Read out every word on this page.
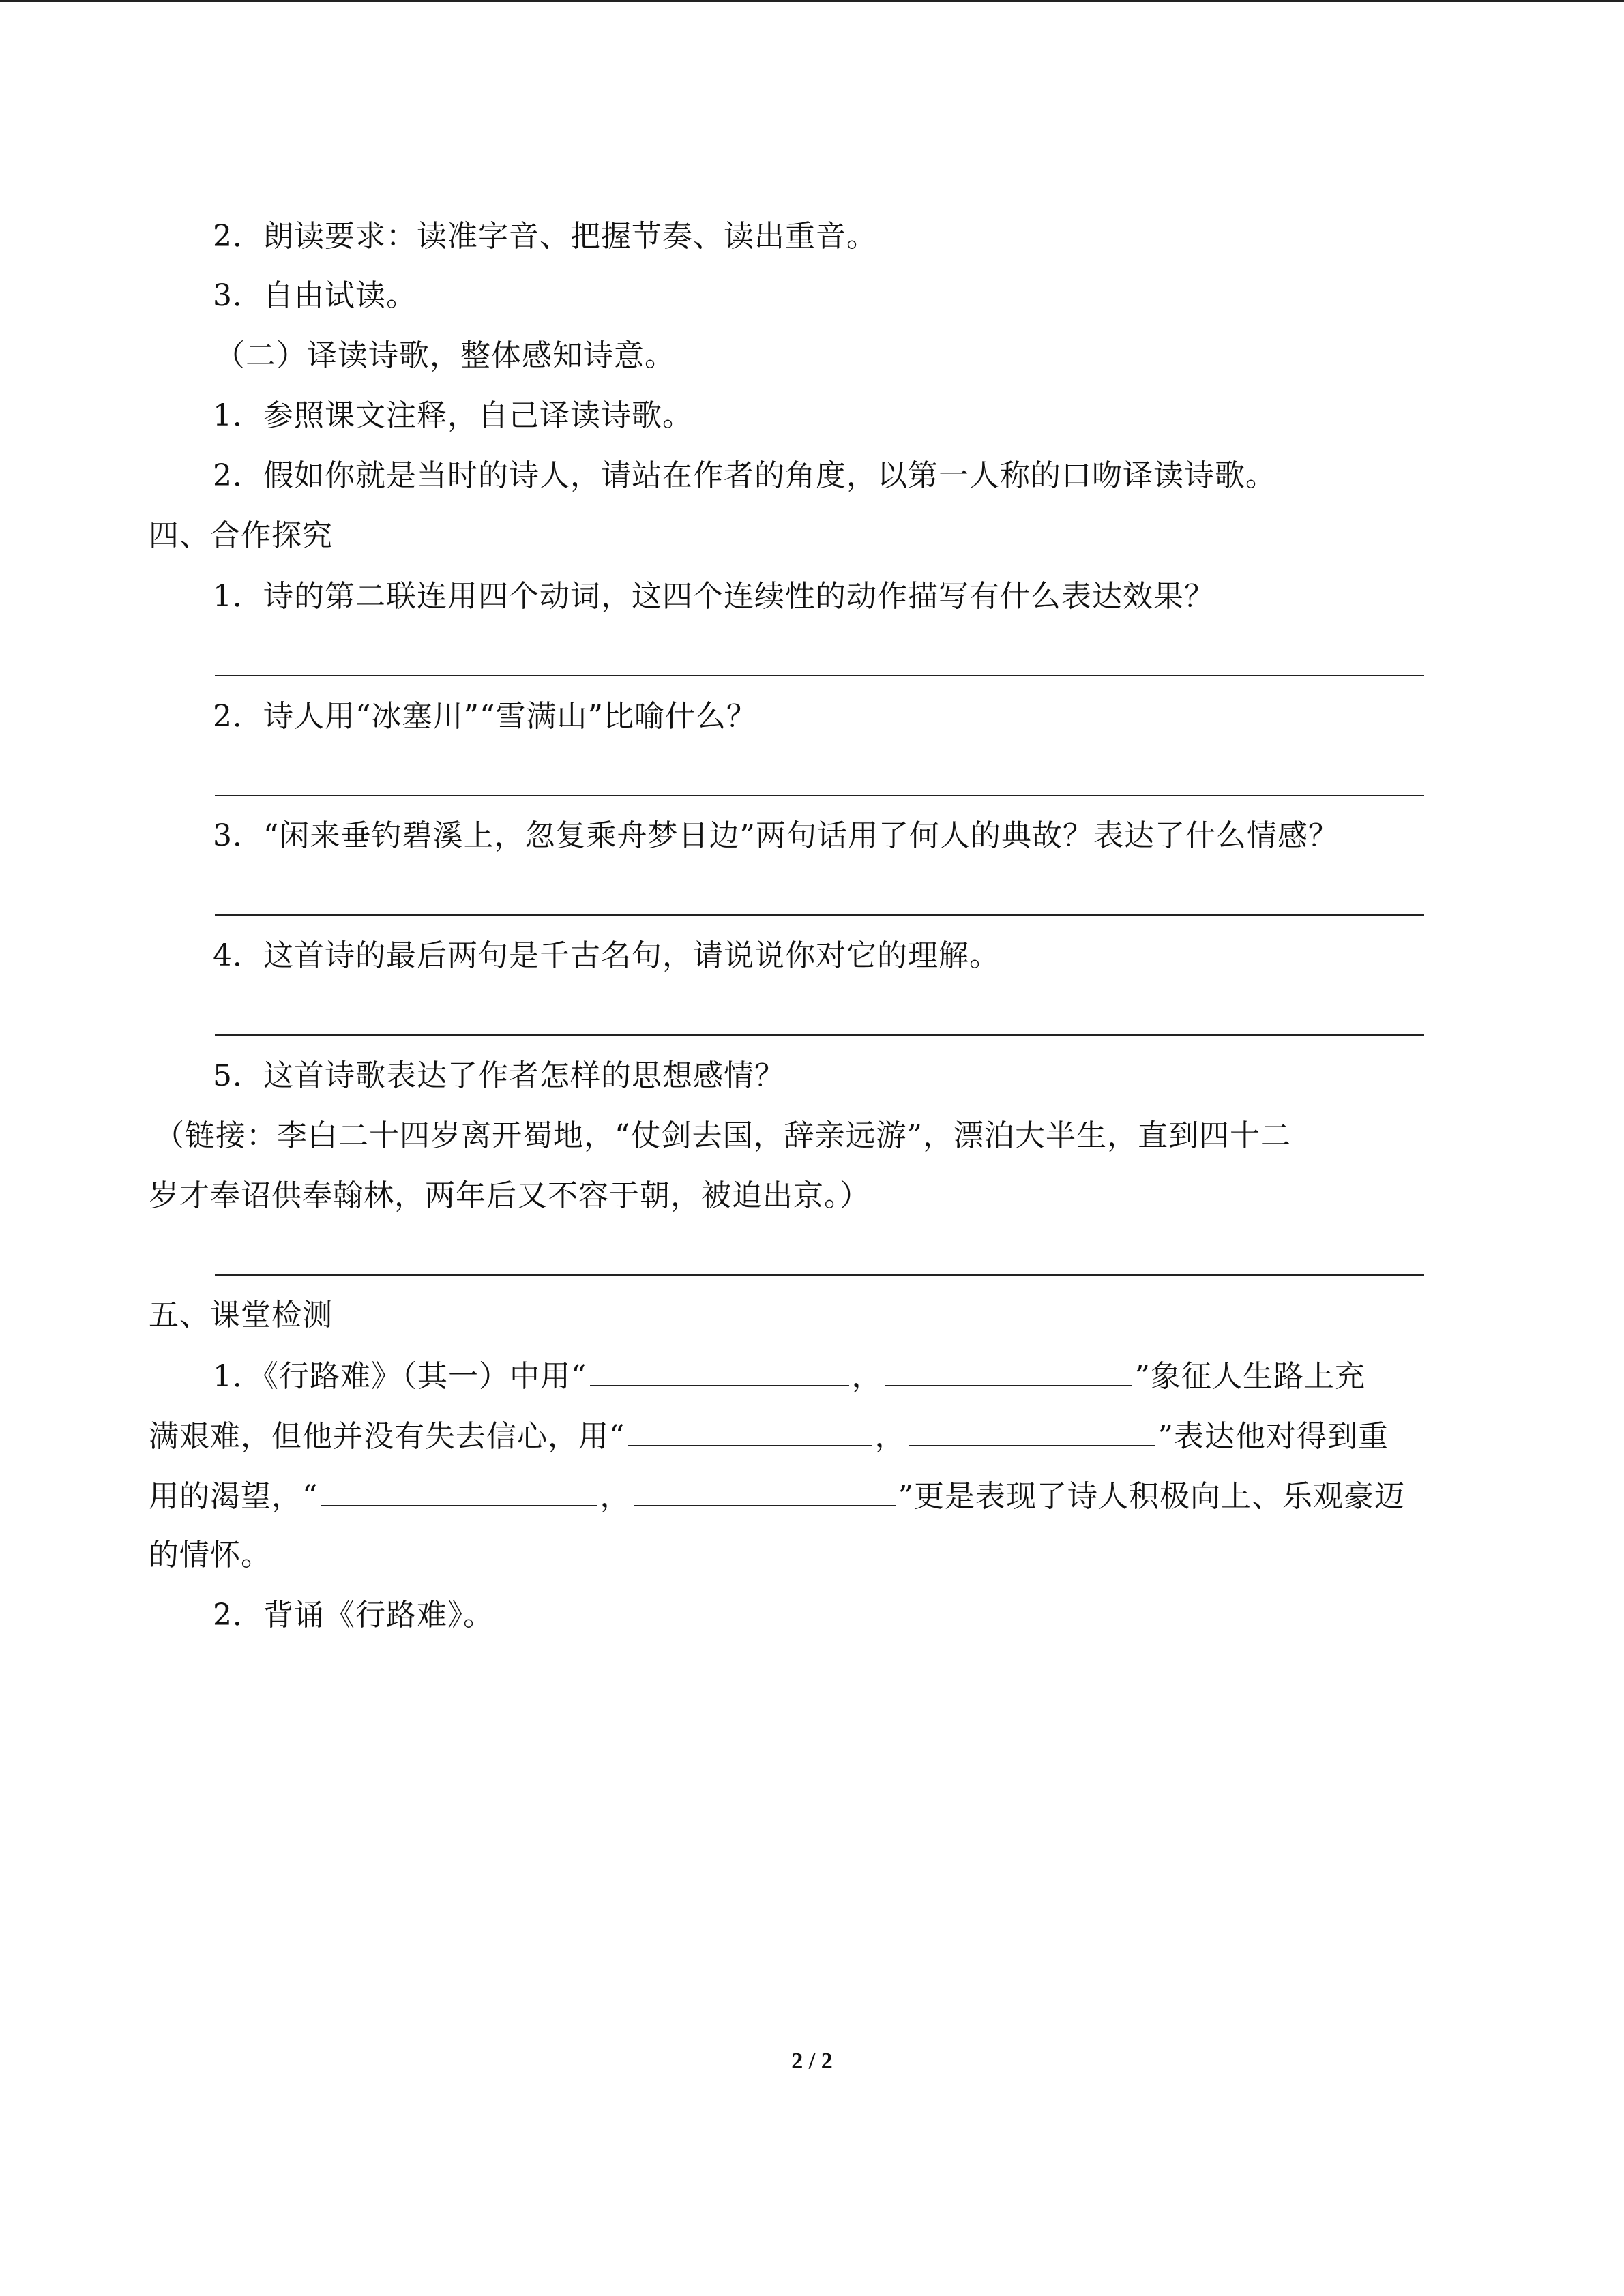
2．朗读要求：读准字音、把握节奏、读出重音。
3．自由试读。
（二）译读诗歌，整体感知诗意。
1．参照课文注释，自己译读诗歌。
2．假如你就是当时的诗人，请站在作者的角度，以第一人称的口吻译读诗歌。
四、合作探究
1．诗的第二联连用四个动词，这四个连续性的动作描写有什么表达效果？
2．诗人用“冰塞川”“雪满山”比喻什么？
3．“闲来垂钓碧溪上，忽复乘舟梦日边”两句话用了何人的典故？表达了什么情感？
4．这首诗的最后两句是千古名句，请说说你对它的理解。
5．这首诗歌表达了作者怎样的思想感情？
（链接：李白二十四岁离开蜀地，“仗剑去国，辞亲远游”，漂泊大半生，直到四十二
岁才奉诏供奉翰林，两年后又不容于朝，被迫出京。）
五、课堂检测
1．《行路难》（其一）中用“	，	”象征人生路上充
满艰难，但他并没有失去信心，用“	，	”表达他对得到重
用的渴望，“	，	”更是表现了诗人积极向上、乐观豪迈
的情怀。
2．背诵《行路难》。
2 / 2
